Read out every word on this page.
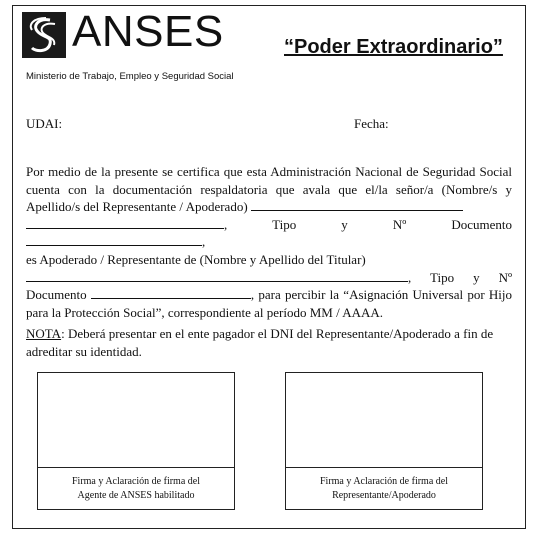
ANSES	“Poder Extraordinario”
Ministerio de Trabajo, Empleo y Seguridad Social
UDAI:	Fecha:
Por medio de la presente se certifica que esta Administración Nacional de Seguridad Social cuenta con la documentación respaldatoria que avala que el/la señor/a (Nombre/s y Apellido/s del Representante / Apoderado)
, Tipo y Nº Documento,
es Apoderado / Representante de (Nombre y Apellido del Titular)
, Tipo y Nº Documento	, para percibir la “Asignación Universal por Hijo para la Protección Social”, correspondiente al período MM / AAAA.
NOTA: Deberá presentar en el ente pagador el DNI del Representante/Apoderado a fin de adreditar su identidad.
Firma y Aclaración de firma del
Agente de ANSES habilitado
Firma y Aclaración de firma del
Representante/Apoderado
